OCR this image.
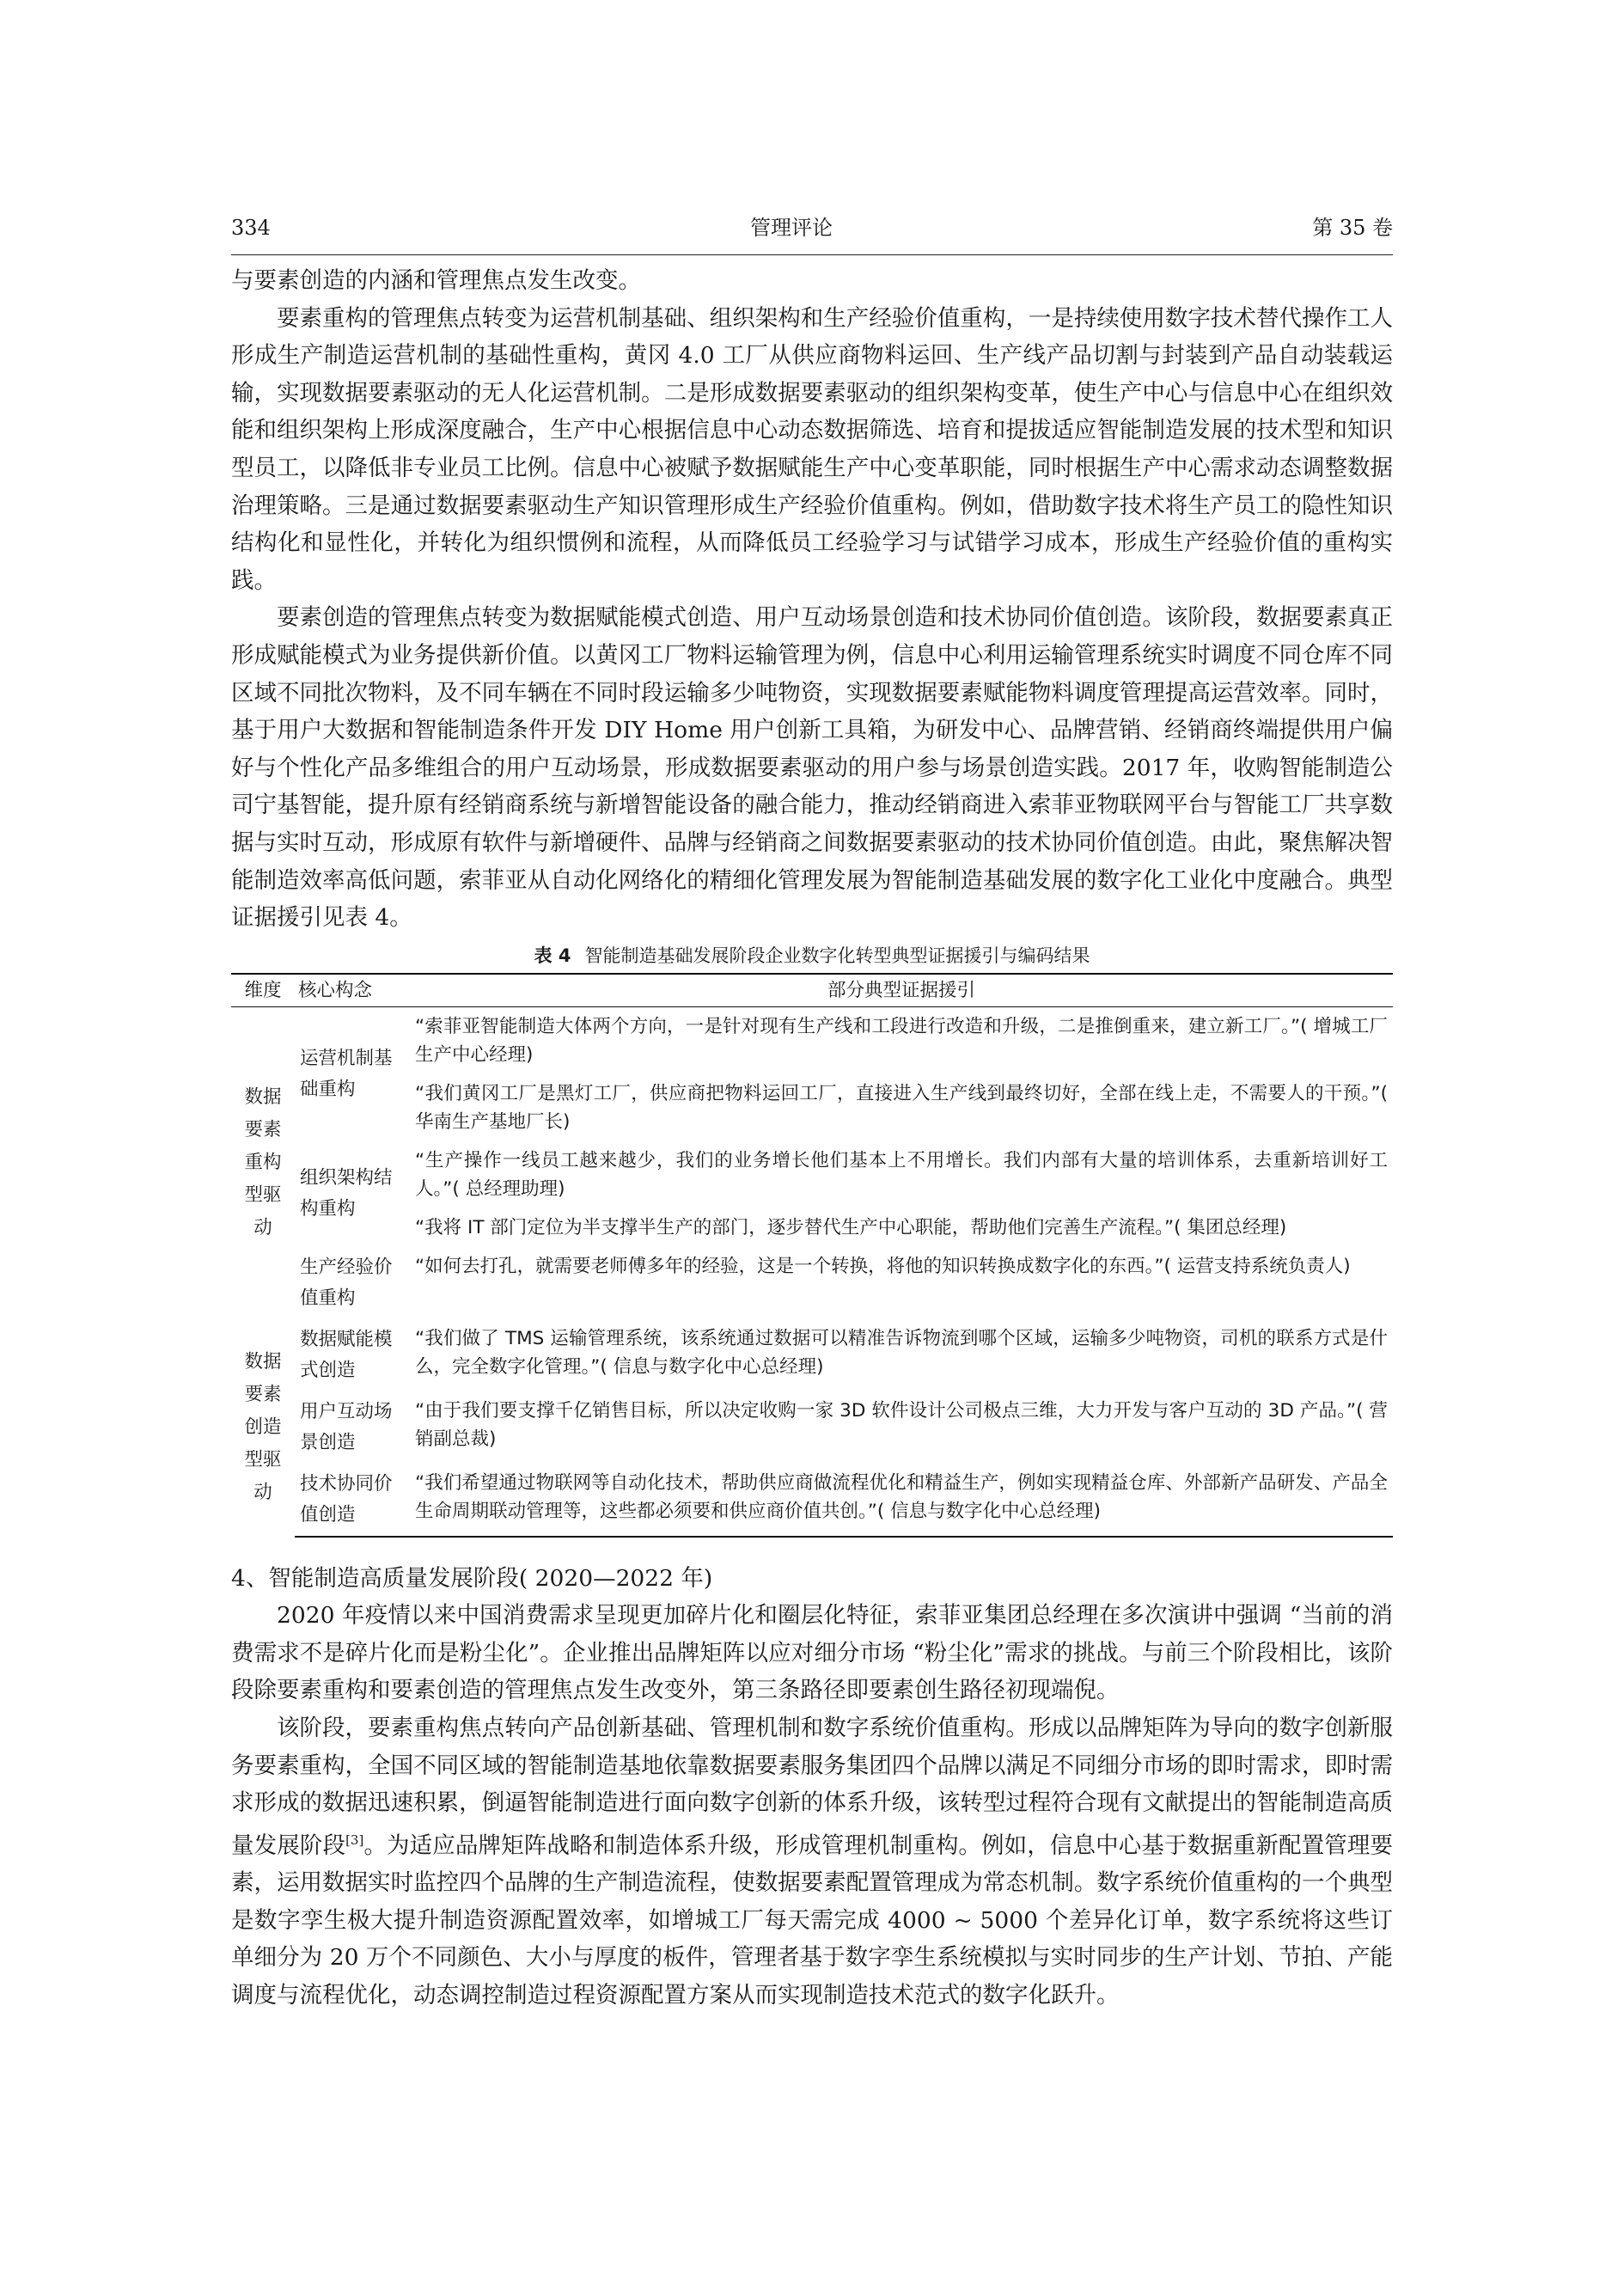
334	管理评论	第 35 卷

与要素创造的内涵和管理焦点发生改变。

要素重构的管理焦点转变为运营机制基础、组织架构和生产经验价值重构，一是持续使用数字技术替代操作工人形成生产制造运营机制的基础性重构，黄冈 4.0 工厂从供应商物料运回、生产线产品切割与封装到产品自动装载运输，实现数据要素驱动的无人化运营机制。二是形成数据要素驱动的组织架构变革，使生产中心与信息中心在组织效能和组织架构上形成深度融合，生产中心根据信息中心动态数据筛选、培育和提拔适应智能制造发展的技术型和知识型员工，以降低非专业员工比例。信息中心被赋予数据赋能生产中心变革职能，同时根据生产中心需求动态调整数据治理策略。三是通过数据要素驱动生产知识管理形成生产经验价值重构。例如，借助数字技术将生产员工的隐性知识结构化和显性化，并转化为组织惯例和流程，从而降低员工经验学习与试错学习成本，形成生产经验价值的重构实践。

要素创造的管理焦点转变为数据赋能模式创造、用户互动场景创造和技术协同价值创造。该阶段，数据要素真正形成赋能模式为业务提供新价值。以黄冈工厂物料运输管理为例，信息中心利用运输管理系统实时调度不同仓库不同区域不同批次物料，及不同车辆在不同时段运输多少吨物资，实现数据要素赋能物料调度管理提高运营效率。同时，基于用户大数据和智能制造条件开发 DIY Home 用户创新工具箱，为研发中心、品牌营销、经销商终端提供用户偏好与个性化产品多维组合的用户互动场景，形成数据要素驱动的用户参与场景创造实践。2017 年，收购智能制造公司宁基智能，提升原有经销商系统与新增智能设备的融合能力，推动经销商进入索菲亚物联网平台与智能工厂共享数据与实时互动，形成原有软件与新增硬件、品牌与经销商之间数据要素驱动的技术协同价值创造。由此，聚焦解决智能制造效率高低问题，索菲亚从自动化网络化的精细化管理发展为智能制造基础发展的数字化工业化中度融合。典型证据援引见表 4。

表 4 智能制造基础发展阶段企业数字化转型典型证据援引与编码结果
维度	核心构念	部分典型证据援引

数据要素重构型驱动	运营机制基础重构	“索菲亚智能制造大体两个方向，一是针对现有生产线和工段进行改造和升级，二是推倒重来，建立新工厂。”( 增城工厂生产中心经理)
		“我们黄冈工厂是黑灯工厂，供应商把物料运回工厂，直接进入生产线到最终切好，全部在线上走，不需要人的干预。”( 华南生产基地厂长)

	组织架构结构重构	“生产操作一线员工越来越少，我们的业务增长他们基本上不用增长。我们内部有大量的培训体系，去重新培训好工人。”( 总经理助理)
		“我将 IT 部门定位为半支撑半生产的部门，逐步替代生产中心职能，帮助他们完善生产流程。”( 集团总经理)

	生产经验价值重构	“如何去打孔，就需要老师傅多年的经验，这是一个转换，将他的知识转换成数字化的东西。”( 运营支持系统负责人)

数据要素创造型驱动	数据赋能模式创造	“我们做了 TMS 运输管理系统，该系统通过数据可以精准告诉物流到哪个区域，运输多少吨物资，司机的联系方式是什么，完全数字化管理。”( 信息与数字化中心总经理)

	用户互动场景创造	“由于我们要支撑千亿销售目标，所以决定收购一家 3D 软件设计公司极点三维，大力开发与客户互动的 3D 产品。”( 营销副总裁)

	技术协同价值创造	“我们希望通过物联网等自动化技术，帮助供应商做流程优化和精益生产，例如实现精益仓库、外部新产品研发、产品全生命周期联动管理等，这些都必须要和供应商价值共创。”( 信息与数字化中心总经理)

4、智能制造高质量发展阶段( 2020—2022 年)

2020 年疫情以来中国消费需求呈现更加碎片化和圈层化特征，索菲亚集团总经理在多次演讲中强调 “当前的消费需求不是碎片化而是粉尘化”。企业推出品牌矩阵以应对细分市场 “粉尘化”需求的挑战。与前三个阶段相比，该阶段除要素重构和要素创造的管理焦点发生改变外，第三条路径即要素创生路径初现端倪。

该阶段，要素重构焦点转向产品创新基础、管理机制和数字系统价值重构。形成以品牌矩阵为导向的数字创新服务要素重构，全国不同区域的智能制造基地依靠数据要素服务集团四个品牌以满足不同细分市场的即时需求，即时需求形成的数据迅速积累，倒逼智能制造进行面向数字创新的体系升级，该转型过程符合现有文献提出的智能制造高质量发展阶段[3]。为适应品牌矩阵战略和制造体系升级，形成管理机制重构。例如，信息中心基于数据重新配置管理要素，运用数据实时监控四个品牌的生产制造流程，使数据要素配置管理成为常态机制。数字系统价值重构的一个典型是数字孪生极大提升制造资源配置效率，如增城工厂每天需完成 4000 ~ 5000 个差异化订单，数字系统将这些订单细分为 20 万个不同颜色、大小与厚度的板件，管理者基于数字孪生系统模拟与实时同步的生产计划、节拍、产能调度与流程优化，动态调控制造过程资源配置方案从而实现制造技术范式的数字化跃升。
